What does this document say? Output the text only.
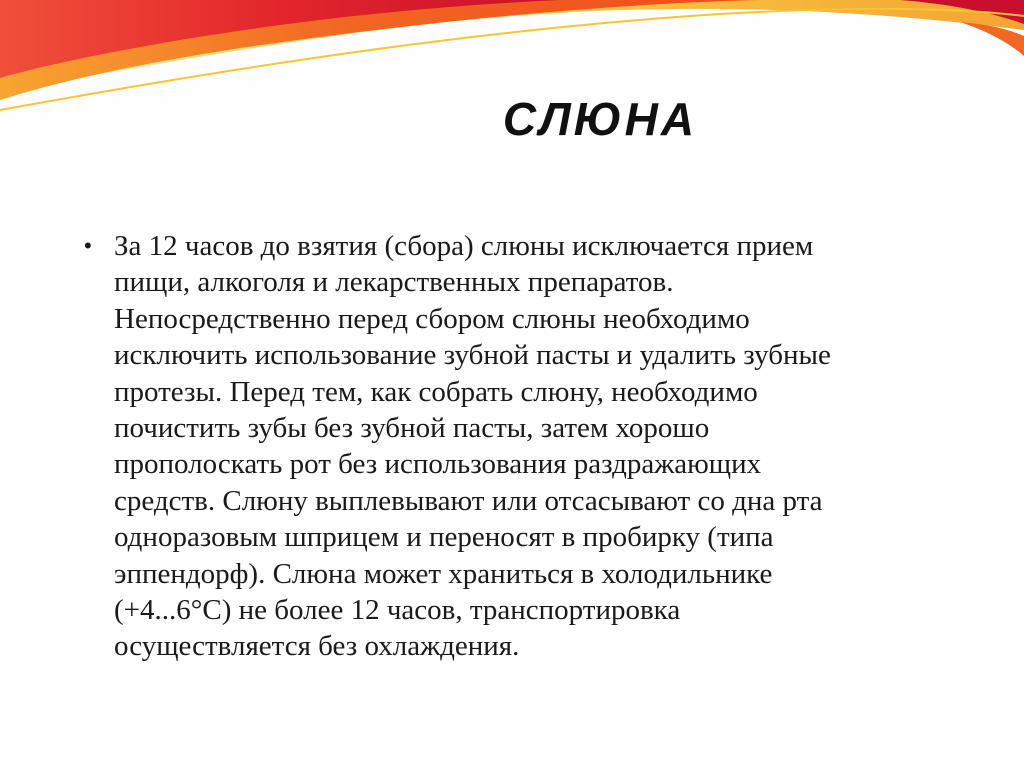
СЛЮНА
• За 12 часов до взятия (сбора) слюны исключается прием
пищи, алкоголя и лекарственных препаратов.
Непосредственно перед сбором слюны необходимо
исключить использование зубной пасты и удалить зубные
протезы. Перед тем, как собрать слюну, необходимо
почистить зубы без зубной пасты, затем хорошо
прополоскать рот без использования раздражающих
средств. Слюну выплевывают или отсасывают со дна рта
одноразовым шприцем и переносят в пробирку (типа
эппендорф). Слюна может храниться в холодильнике
(+4...6°С) не более 12 часов, транспортировка
осуществляется без охлаждения.
